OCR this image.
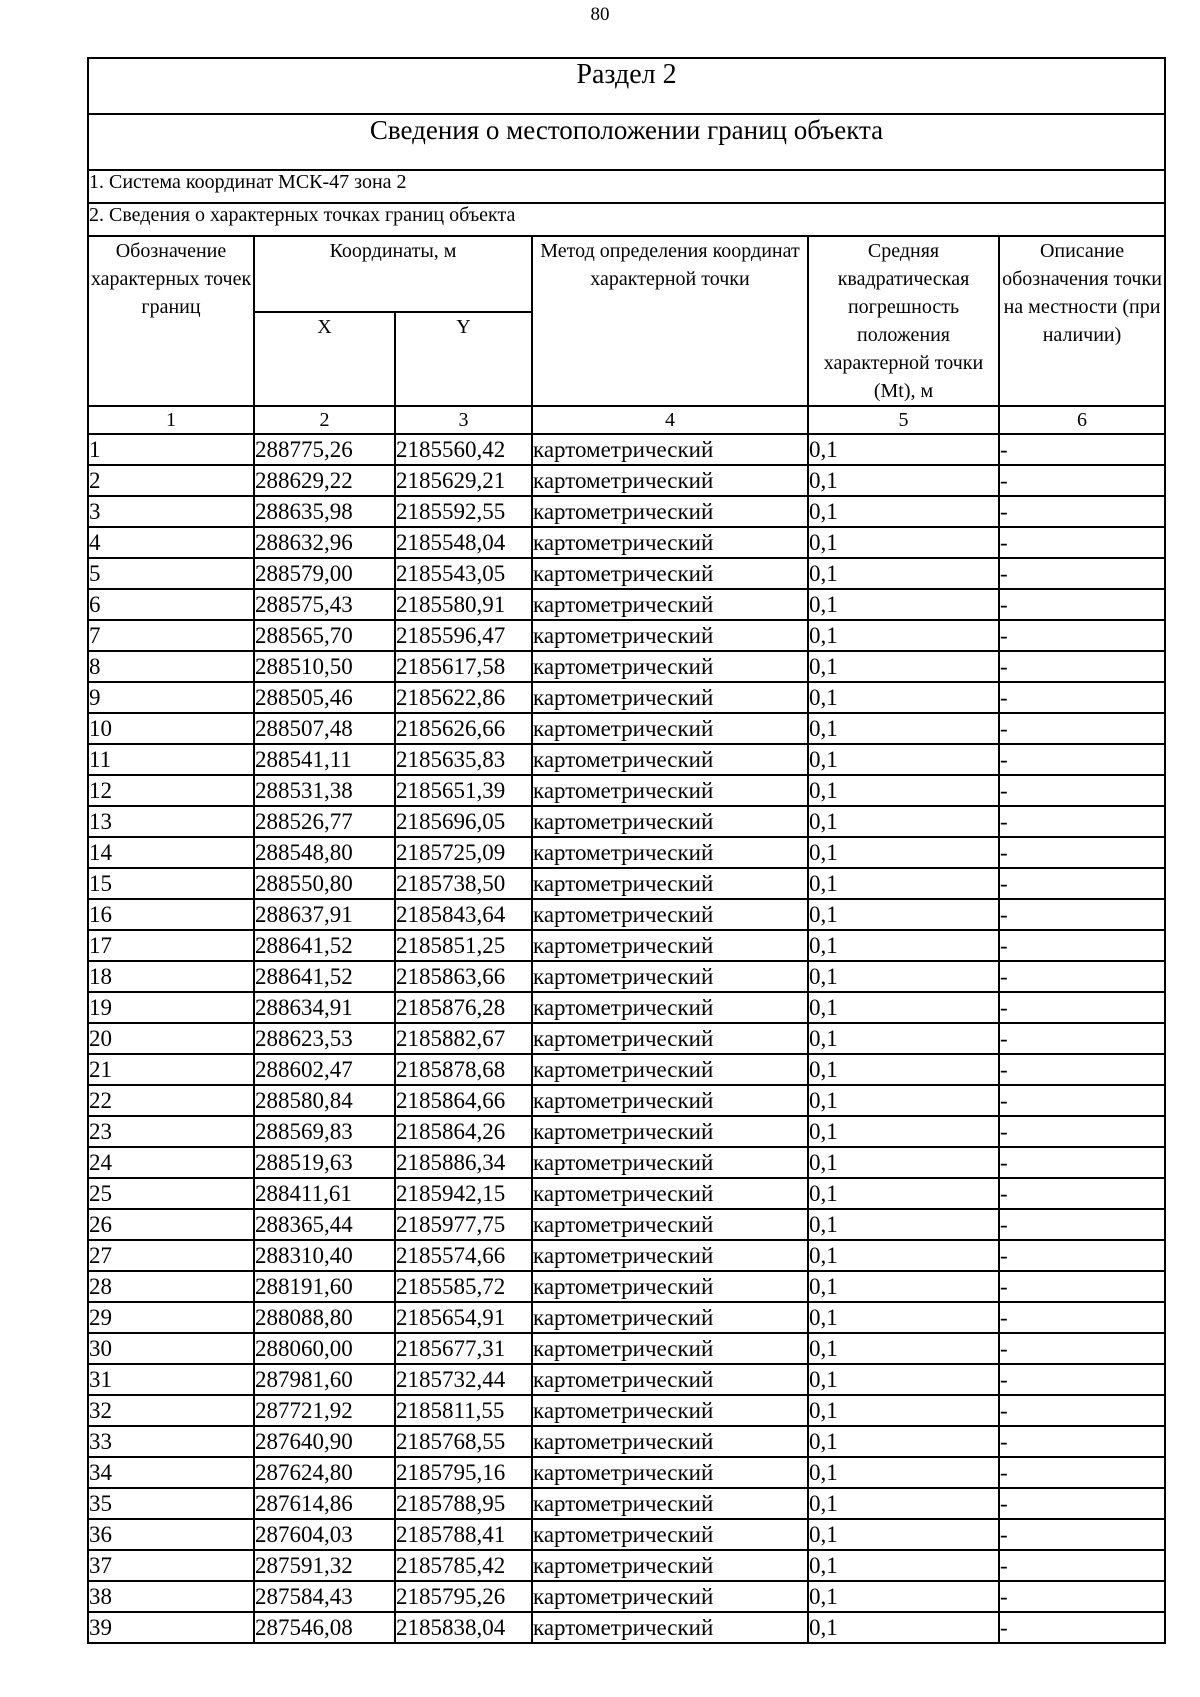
80
Раздел 2					
Сведения о местоположении границ объекта					
1. Система координат МСК-47 зона 2					
2. Сведения о характерных точках границ объекта					
Обозначение характерных точек границ	Координаты, м		Метод определения координат характерной точки	Средняя квадратическая погрешность положения характерной точки (Mt), м	Описание обозначения точки на местности (при наличии)
	X	Y			
1	2	3	4	5	6
1	288775,26	2185560,42	картометрический	0,1	-
2	288629,22	2185629,21	картометрический	0,1	-
3	288635,98	2185592,55	картометрический	0,1	-
4	288632,96	2185548,04	картометрический	0,1	-
5	288579,00	2185543,05	картометрический	0,1	-
6	288575,43	2185580,91	картометрический	0,1	-
7	288565,70	2185596,47	картометрический	0,1	-
8	288510,50	2185617,58	картометрический	0,1	-
9	288505,46	2185622,86	картометрический	0,1	-
10	288507,48	2185626,66	картометрический	0,1	-
11	288541,11	2185635,83	картометрический	0,1	-
12	288531,38	2185651,39	картометрический	0,1	-
13	288526,77	2185696,05	картометрический	0,1	-
14	288548,80	2185725,09	картометрический	0,1	-
15	288550,80	2185738,50	картометрический	0,1	-
16	288637,91	2185843,64	картометрический	0,1	-
17	288641,52	2185851,25	картометрический	0,1	-
18	288641,52	2185863,66	картометрический	0,1	-
19	288634,91	2185876,28	картометрический	0,1	-
20	288623,53	2185882,67	картометрический	0,1	-
21	288602,47	2185878,68	картометрический	0,1	-
22	288580,84	2185864,66	картометрический	0,1	-
23	288569,83	2185864,26	картометрический	0,1	-
24	288519,63	2185886,34	картометрический	0,1	-
25	288411,61	2185942,15	картометрический	0,1	-
26	288365,44	2185977,75	картометрический	0,1	-
27	288310,40	2185574,66	картометрический	0,1	-
28	288191,60	2185585,72	картометрический	0,1	-
29	288088,80	2185654,91	картометрический	0,1	-
30	288060,00	2185677,31	картометрический	0,1	-
31	287981,60	2185732,44	картометрический	0,1	-
32	287721,92	2185811,55	картометрический	0,1	-
33	287640,90	2185768,55	картометрический	0,1	-
34	287624,80	2185795,16	картометрический	0,1	-
35	287614,86	2185788,95	картометрический	0,1	-
36	287604,03	2185788,41	картометрический	0,1	-
37	287591,32	2185785,42	картометрический	0,1	-
38	287584,43	2185795,26	картометрический	0,1	-
39	287546,08	2185838,04	картометрический	0,1	-
